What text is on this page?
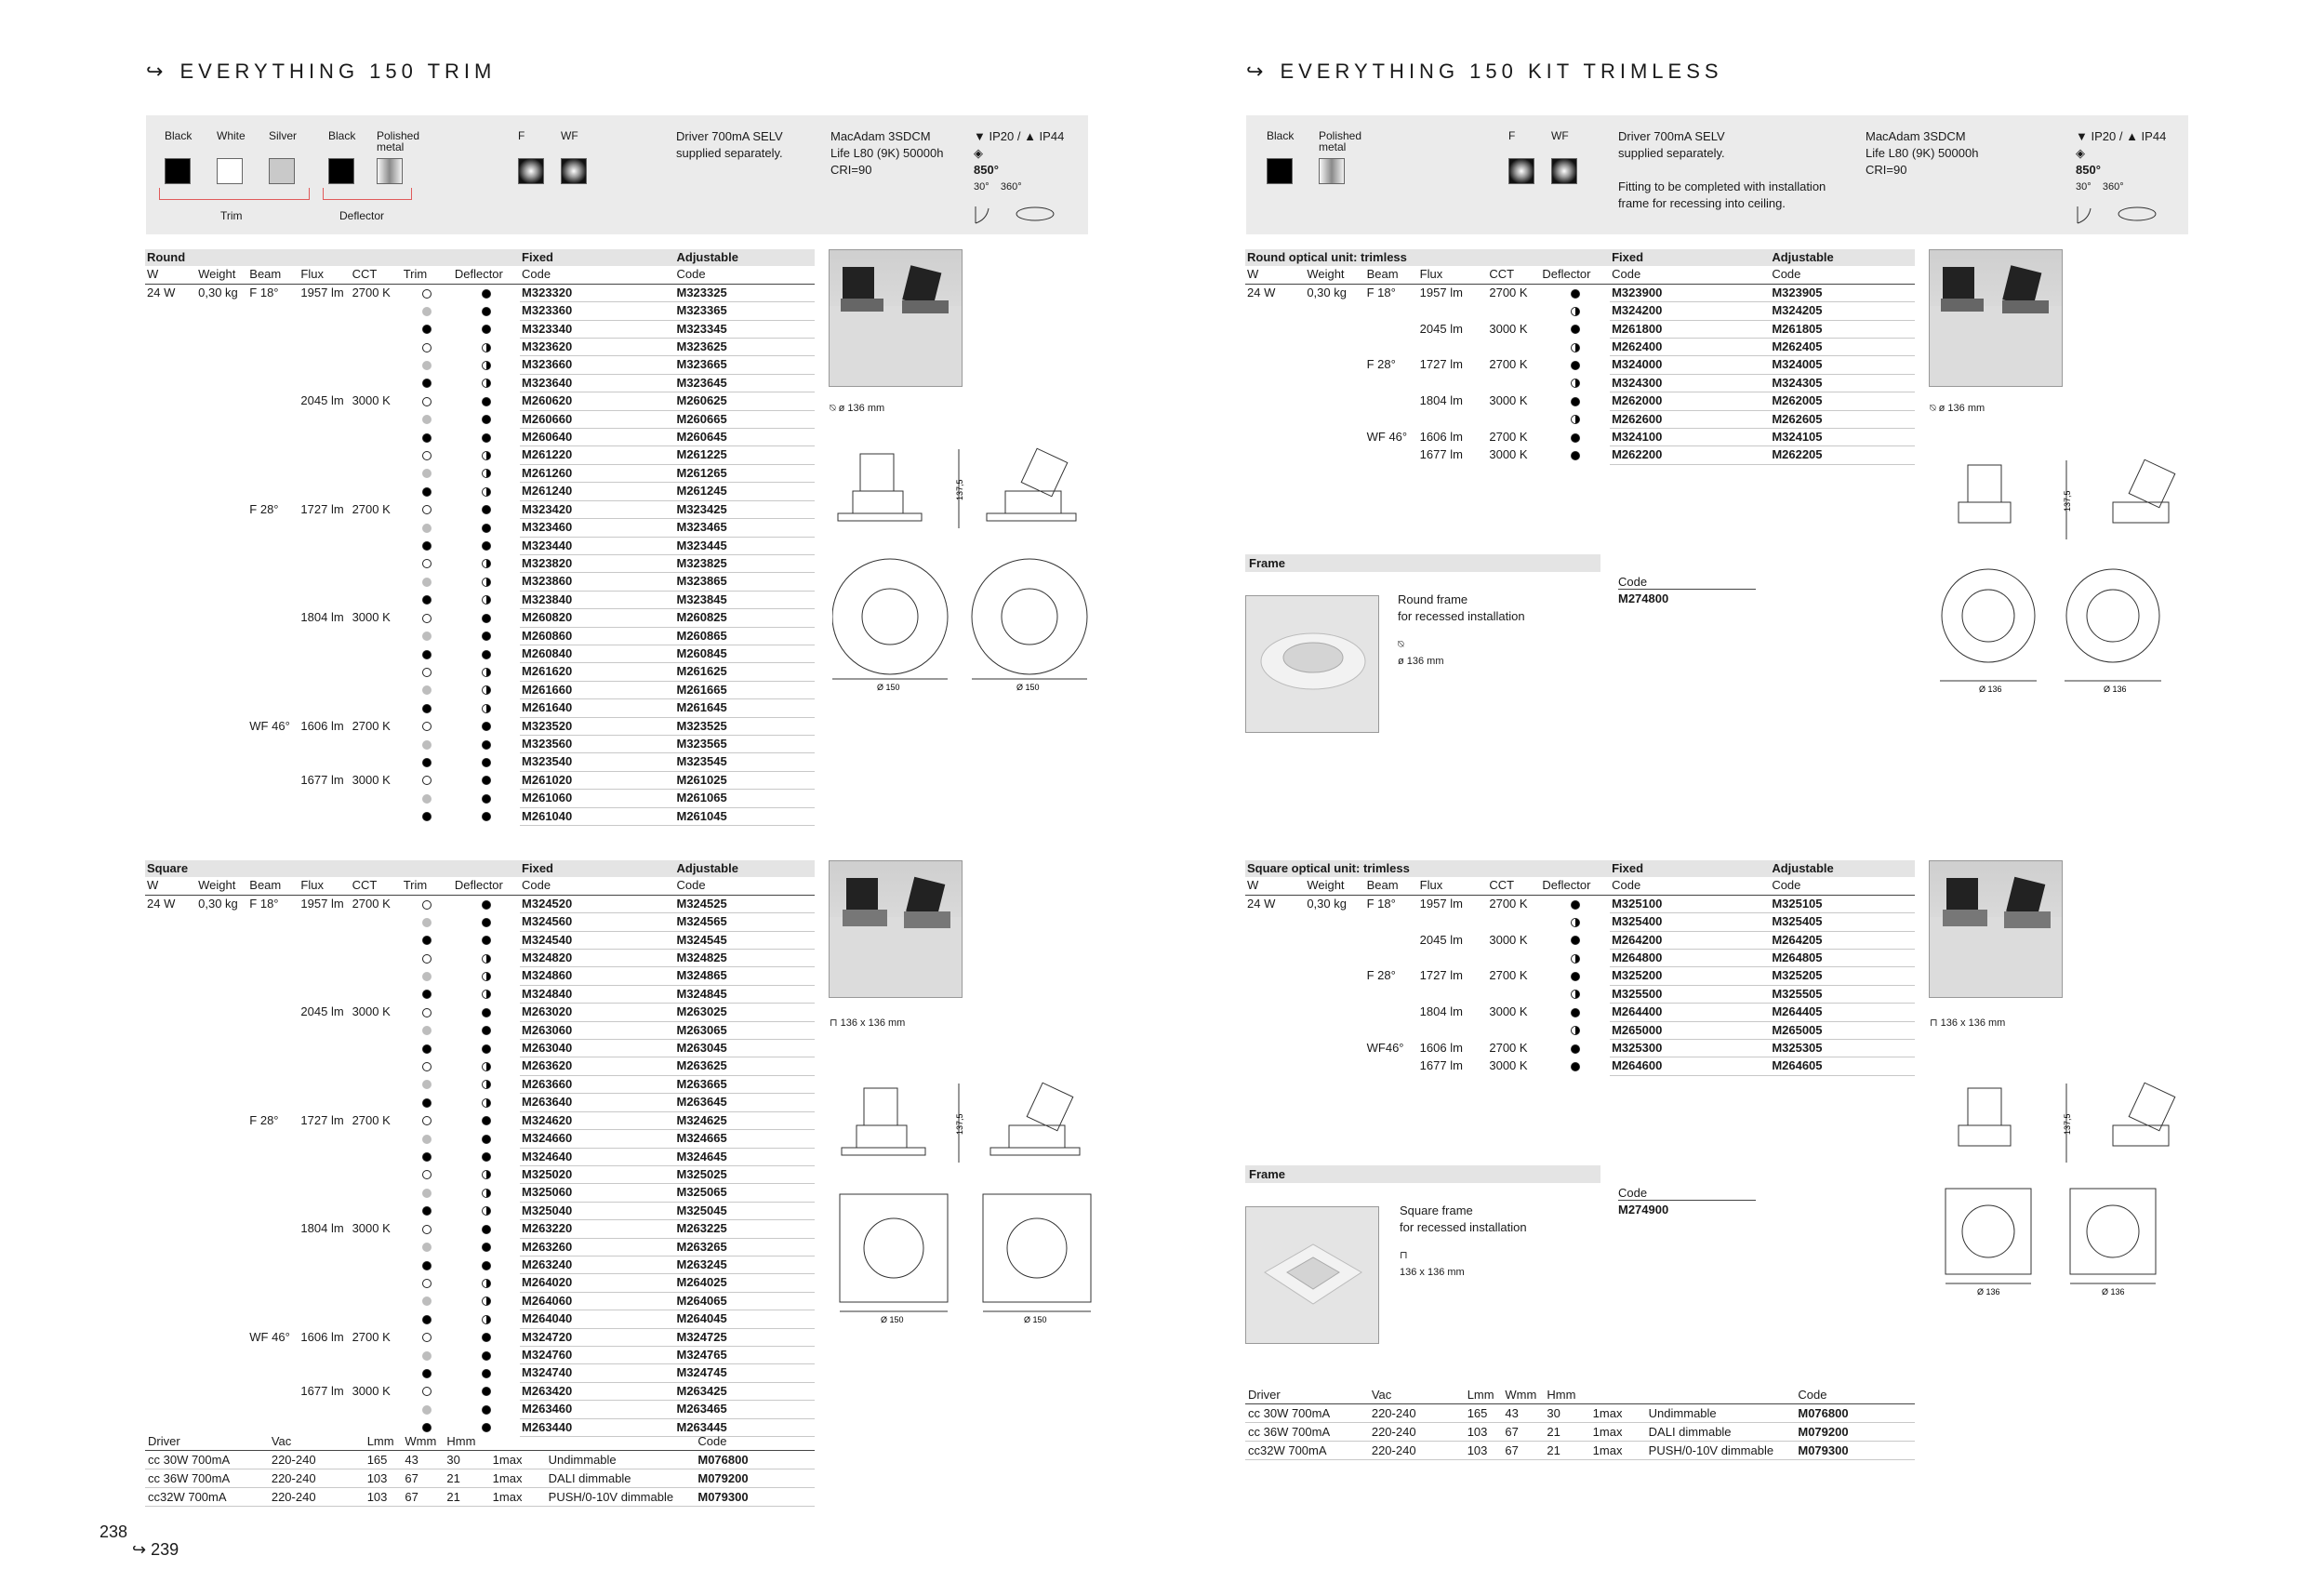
↪ EVERYTHING 150 TRIM
Black White Silver	Black Polished metal
F	WF
Trim	Deflector
Driver 700mA SELV
supplied separately.
MacAdam 3SDCM
Life L80 (9K) 50000h
CRI=90
▼ IP20 / ▲ IP44
◈
850°
30° 360°
Round							Fixed	Adjustable
W	Weight	Beam	Flux	CCT	Trim	Deflector	Code	Code
24 W	0,30 kg	F 18°	1957 lm	2700 K			M323320	M323325
							M323360	M323365
							M323340	M323345
							M323620	M323625
							M323660	M323665
							M323640	M323645
			2045 lm	3000 K			M260620	M260625
							M260660	M260665
							M260640	M260645
							M261220	M261225
							M261260	M261265
							M261240	M261245
		F 28°	1727 lm	2700 K			M323420	M323425
							M323460	M323465
							M323440	M323445
							M323820	M323825
							M323860	M323865
							M323840	M323845
			1804 lm	3000 K			M260820	M260825
							M260860	M260865
							M260840	M260845
							M261620	M261625
							M261660	M261665
							M261640	M261645
		WF 46°	1606 lm	2700 K			M323520	M323525
							M323560	M323565
							M323540	M323545
			1677 lm	3000 K			M261020	M261025
							M261060	M261065
							M261040	M261045
Square							Fixed	Adjustable
W	Weight	Beam	Flux	CCT	Trim	Deflector	Code	Code
24 W	0,30 kg	F 18°	1957 lm	2700 K			M324520	M324525
							M324560	M324565
							M324540	M324545
							M324820	M324825
							M324860	M324865
							M324840	M324845
			2045 lm	3000 K			M263020	M263025
							M263060	M263065
							M263040	M263045
							M263620	M263625
							M263660	M263665
							M263640	M263645
		F 28°	1727 lm	2700 K			M324620	M324625
							M324660	M324665
							M324640	M324645
							M325020	M325025
							M325060	M325065
							M325040	M325045
			1804 lm	3000 K			M263220	M263225
							M263260	M263265
							M263240	M263245
							M264020	M264025
							M264060	M264065
							M264040	M264045
		WF 46°	1606 lm	2700 K			M324720	M324725
							M324760	M324765
							M324740	M324745
			1677 lm	3000 K			M263420	M263425
							M263460	M263465
							M263440	M263445
⍉ ø 136 mm
137,5
Ø 150	Ø 150
⊓ 136 x 136 mm
137,5
Ø 150	Ø 150
Driver	Vac	Lmm	Wmm	Hmm			Code
cc 30W 700mA	220-240	165	43	30	1max	Undimmable	M076800
cc 36W 700mA	220-240	103	67	21	1max	DALI dimmable	M079200
cc32W 700mA	220-240	103	67	21	1max	PUSH/0-10V dimmable	M079300
238
↪ 239
↪ EVERYTHING 150 KIT TRIMLESS
Black Polished metal
F	WF	Driver 700mA SELV
supplied separately.
Fitting to be completed with installation
frame for recessing into ceiling.
MacAdam 3SDCM
Life L80 (9K) 50000h
CRI=90
▼ IP20 / ▲ IP44
◈
850°
30° 360°
Round optical unit: trimless						Fixed	Adjustable
W	Weight	Beam	Flux	CCT	Deflector	Code	Code
24 W	0,30 kg	F 18°	1957 lm	2700 K		M323900	M323905
						M324200	M324205
			2045 lm	3000 K		M261800	M261805
						M262400	M262405
		F 28°	1727 lm	2700 K		M324000	M324005
						M324300	M324305
			1804 lm	3000 K		M262000	M262005
						M262600	M262605
		WF 46°	1606 lm	2700 K		M324100	M324105
			1677 lm	3000 K		M262200	M262205
Square optical unit: trimless						Fixed	Adjustable
W	Weight	Beam	Flux	CCT	Deflector	Code	Code
24 W	0,30 kg	F 18°	1957 lm	2700 K		M325100	M325105
						M325400	M325405
			2045 lm	3000 K		M264200	M264205
						M264800	M264805
		F 28°	1727 lm	2700 K		M325200	M325205
						M325500	M325505
			1804 lm	3000 K		M264400	M264405
						M265000	M265005
		WF46°	1606 lm	2700 K		M325300	M325305
			1677 lm	3000 K		M264600	M264605
⍉ ø 136 mm
137,5
Ø 136	Ø 136
Frame
Code
M274800
Round frame
for recessed installation
⍉
ø 136 mm
⊓ 136 x 136 mm
137,5
Ø 136	Ø 136
Frame
Code
M274900
Square frame
for recessed installation
⊓
136 x 136 mm
Driver	Vac	Lmm	Wmm	Hmm			Code
cc 30W 700mA	220-240	165	43	30	1max	Undimmable	M076800
cc 36W 700mA	220-240	103	67	21	1max	DALI dimmable	M079200
cc32W 700mA	220-240	103	67	21	1max	PUSH/0-10V dimmable	M079300
